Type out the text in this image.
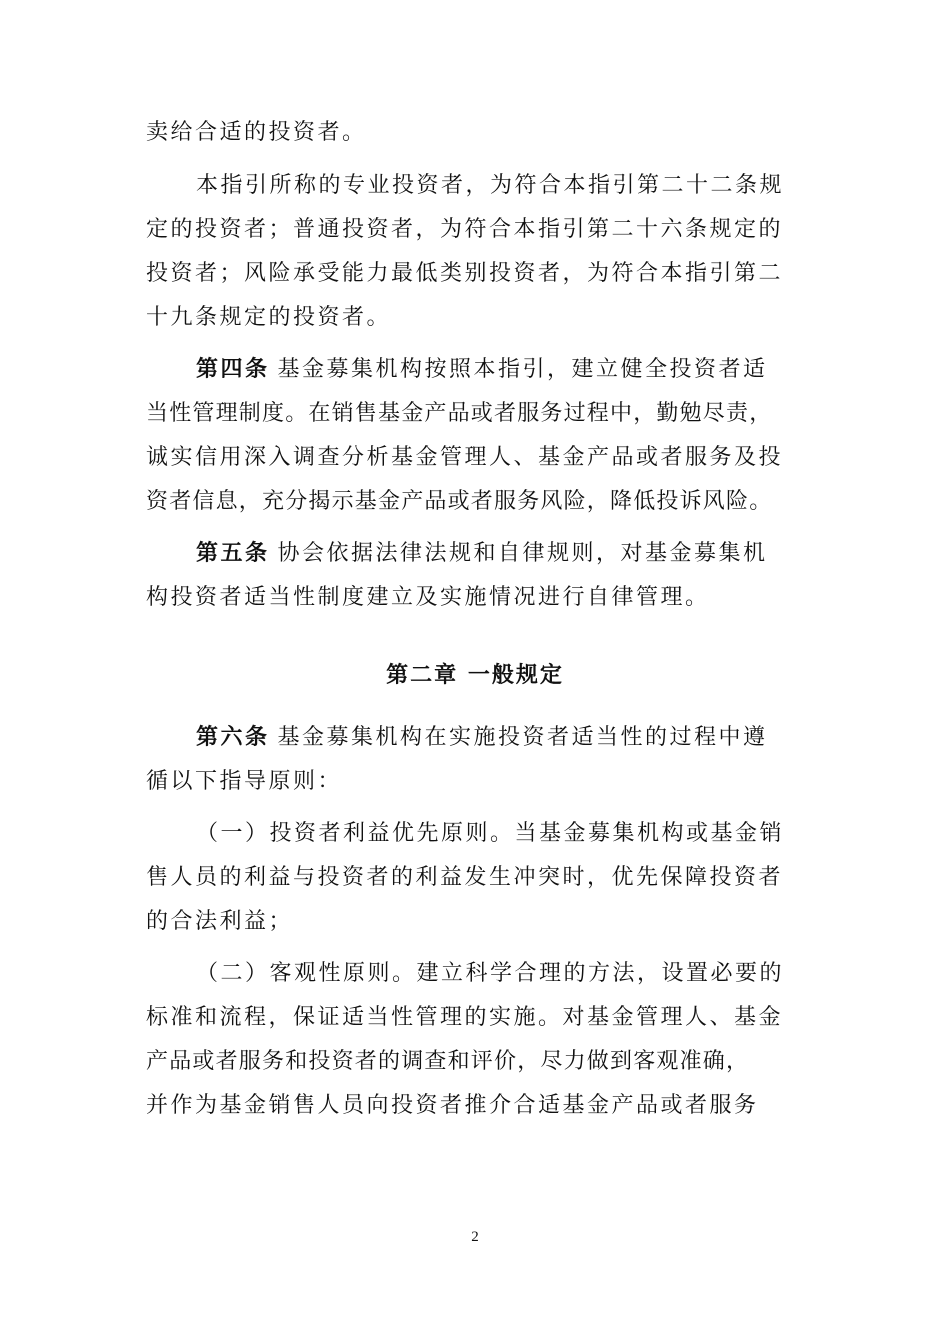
卖给合适的投资者。
本指引所称的专业投资者，为符合本指引第二十二条规
定的投资者；普通投资者，为符合本指引第二十六条规定的
投资者；风险承受能力最低类别投资者，为符合本指引第二
十九条规定的投资者。
第四条 基金募集机构按照本指引，建立健全投资者适
当性管理制度。在销售基金产品或者服务过程中，勤勉尽责，
诚实信用深入调查分析基金管理人、基金产品或者服务及投
资者信息，充分揭示基金产品或者服务风险，降低投诉风险。
第五条 协会依据法律法规和自律规则，对基金募集机
构投资者适当性制度建立及实施情况进行自律管理。
第二章 一般规定
第六条 基金募集机构在实施投资者适当性的过程中遵
循以下指导原则：
（一）投资者利益优先原则。当基金募集机构或基金销
售人员的利益与投资者的利益发生冲突时，优先保障投资者
的合法利益；
（二）客观性原则。建立科学合理的方法，设置必要的
标准和流程，保证适当性管理的实施。对基金管理人、基金
产品或者服务和投资者的调查和评价，尽力做到客观准确，
并作为基金销售人员向投资者推介合适基金产品或者服务
2
